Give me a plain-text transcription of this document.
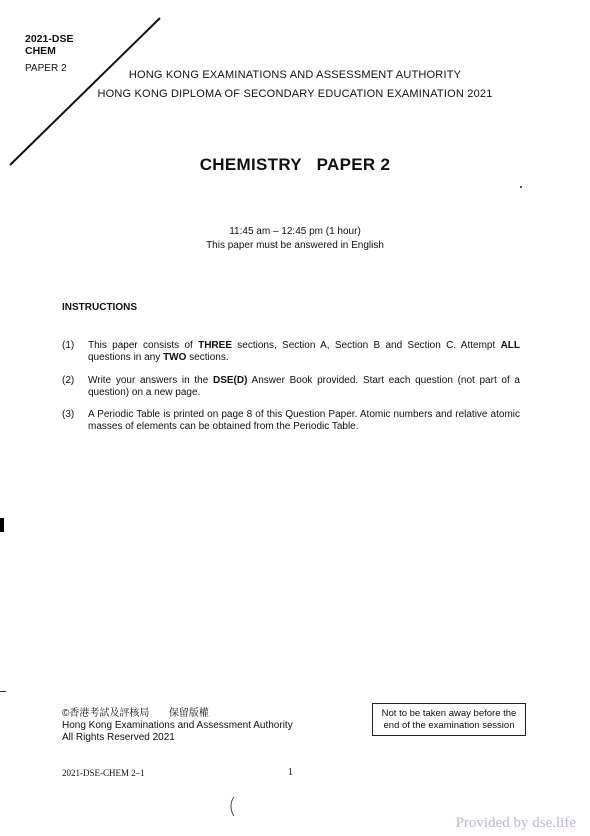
2021-DSE
CHEM
PAPER 2
HONG KONG EXAMINATIONS AND ASSESSMENT AUTHORITY
HONG KONG DIPLOMA OF SECONDARY EDUCATION EXAMINATION 2021
CHEMISTRY   PAPER 2
11:45 am – 12:45 pm (1 hour)
This paper must be answered in English
INSTRUCTIONS
(1)	This paper consists of THREE sections, Section A, Section B and Section C. Attempt ALL questions in any TWO sections.
(2)	Write your answers in the DSE(D) Answer Book provided. Start each question (not part of a question) on a new page.
(3)	A Periodic Table is printed on page 8 of this Question Paper. Atomic numbers and relative atomic masses of elements can be obtained from the Periodic Table.
©香港考試及評核局       保留版權
Hong Kong Examinations and Assessment Authority
All Rights Reserved 2021
Not to be taken away before the
end of the examination session
2021-DSE-CHEM 2–1	1
Provided by dse.life
